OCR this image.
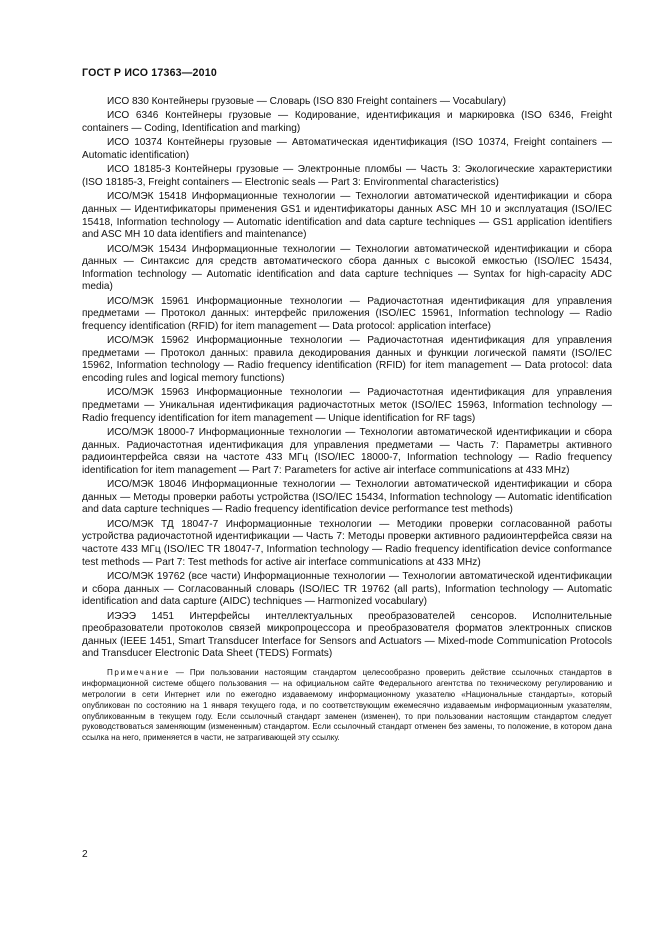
ГОСТ Р ИСО 17363—2010

ИСО 830 Контейнеры грузовые — Словарь (ISO 830 Freight containers — Vocabulary)

ИСО 6346 Контейнеры грузовые — Кодирование, идентификация и маркировка (ISO 6346, Freight containers — Coding, Identification and marking)

ИСО 10374 Контейнеры грузовые — Автоматическая идентификация (ISO 10374, Freight containers — Automatic identification)

ИСО 18185-3 Контейнеры грузовые — Электронные пломбы — Часть 3: Экологические характеристики (ISO 18185-3, Freight containers — Electronic seals — Part 3: Environmental characteristics)

ИСО/МЭК 15418 Информационные технологии — Технологии автоматической идентификации и сбора данных — Идентификаторы применения GS1 и идентификаторы данных ASC MH 10 и эксплуатация (ISO/IEC 15418, Information technology — Automatic identification and data capture techniques — GS1 application identifiers and ASC MH 10 data identifiers and maintenance)

ИСО/МЭК 15434 Информационные технологии — Технологии автоматической идентификации и сбора данных — Синтаксис для средств автоматического сбора данных с высокой емкостью (ISO/IEC 15434, Information technology — Automatic identification and data capture techniques — Syntax for high-capacity ADC media)

ИСО/МЭК 15961 Информационные технологии — Радиочастотная идентификация для управления предметами — Протокол данных: интерфейс приложения (ISO/IEC 15961, Information technology — Radio frequency identification (RFID) for item management — Data protocol: application interface)

ИСО/МЭК 15962 Информационные технологии — Радиочастотная идентификация для управления предметами — Протокол данных: правила декодирования данных и функции логической памяти (ISO/IEC 15962, Information technology — Radio frequency identification (RFID) for item management — Data protocol: data encoding rules and logical memory functions)

ИСО/МЭК 15963 Информационные технологии — Радиочастотная идентификация для управления предметами — Уникальная идентификация радиочастотных меток (ISO/IEC 15963, Information technology — Radio frequency identification for item management — Unique identification for RF tags)

ИСО/МЭК 18000-7 Информационные технологии — Технологии автоматической идентификации и сбора данных. Радиочастотная идентификация для управления предметами — Часть 7: Параметры активного радиоинтерфейса связи на частоте 433 МГц (ISO/IEC 18000-7, Information technology — Radio frequency identification for item management — Part 7: Parameters for active air interface communications at 433 MHz)

ИСО/МЭК 18046 Информационные технологии — Технологии автоматической идентификации и сбора данных — Методы проверки работы устройства (ISO/IEC 15434, Information technology — Automatic identification and data capture techniques — Radio frequency identification device performance test methods)

ИСО/МЭК ТД 18047-7 Информационные технологии — Методики проверки согласованной работы устройства радиочастотной идентификации — Часть 7: Методы проверки активного радиоинтерфейса связи на частоте 433 МГц (ISO/IEC TR 18047-7, Information technology — Radio frequency identification device conformance test methods — Part 7: Test methods for active air interface communications at 433 MHz)

ИСО/МЭК 19762 (все части) Информационные технологии — Технологии автоматической идентификации и сбора данных — Согласованный словарь (ISO/IEC TR 19762 (all parts), Information technology — Automatic identification and data capture (AIDC) techniques — Harmonized vocabulary)

ИЭЭЭ 1451 Интерфейсы интеллектуальных преобразователей сенсоров. Исполнительные преобразователи протоколов связей микропроцессора и преобразователя форматов электронных списков данных (IEEE 1451, Smart Transducer Interface for Sensors and Actuators — Mixed-mode Communication Protocols and Transducer Electronic Data Sheet (TEDS) Formats)

Примечание — При пользовании настоящим стандартом целесообразно проверить действие ссылочных стандартов в информационной системе общего пользования — на официальном сайте Федерального агентства по техническому регулированию и метрологии в сети Интернет или по ежегодно издаваемому информационному указателю «Национальные стандарты», который опубликован по состоянию на 1 января текущего года, и по соответствующим ежемесячно издаваемым информационным указателям, опубликованным в текущем году. Если ссылочный стандарт заменен (изменен), то при пользовании настоящим стандартом следует руководствоваться заменяющим (измененным) стандартом. Если ссылочный стандарт отменен без замены, то положение, в котором дана ссылка на него, применяется в части, не затрагивающей эту ссылку.

2
